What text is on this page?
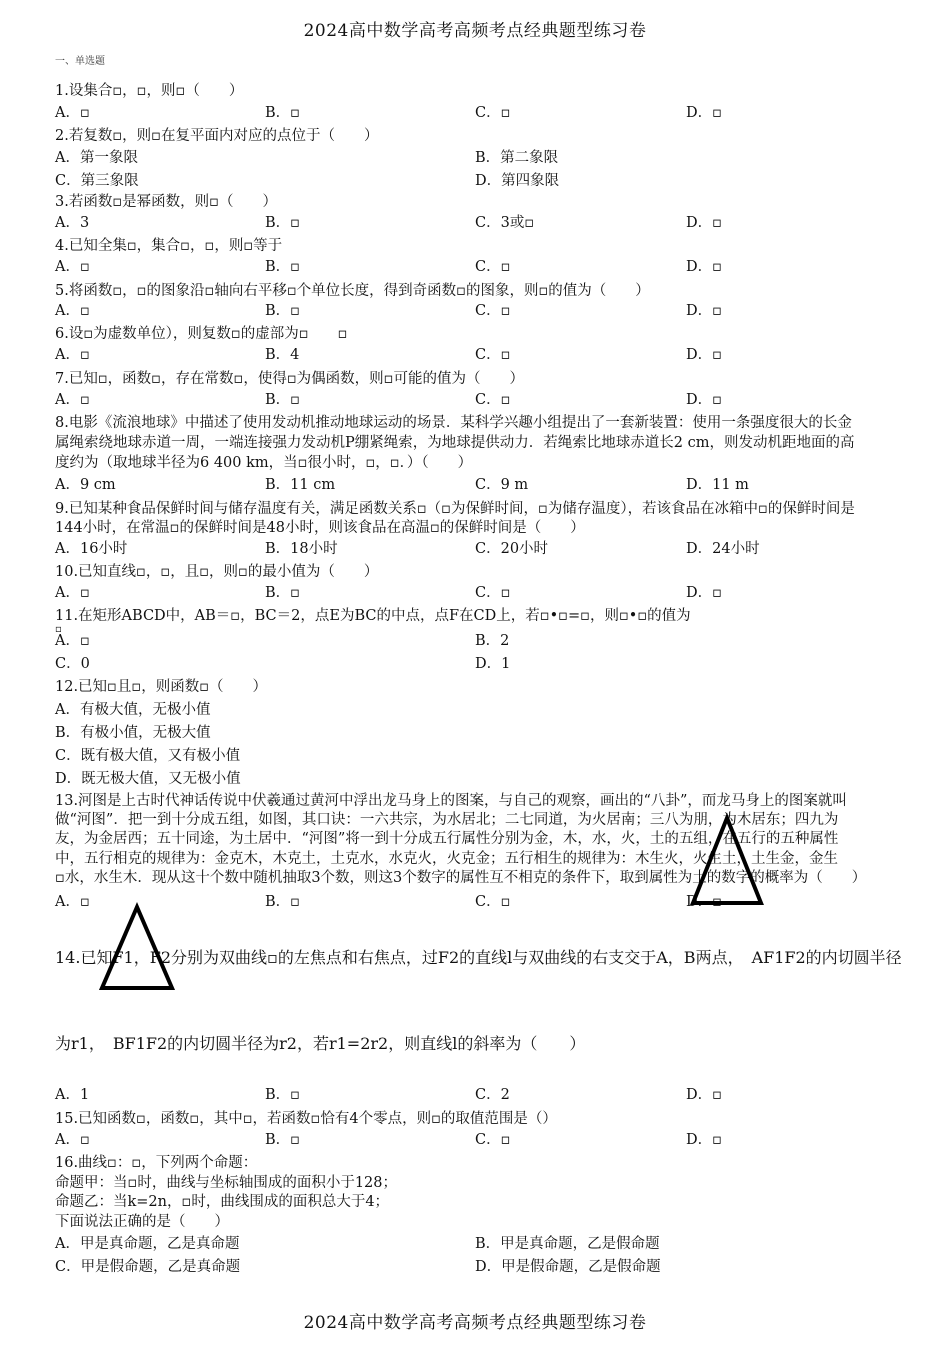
2024高中数学高考高频考点经典题型练习卷
一、单选题
1.设集合▫，▫，则▫（　　）
A．▫	B．▫	C．▫	D．▫
2.若复数▫，则▫在复平面内对应的点位于（　　）
A．第一象限	B．第二象限
C．第三象限	D．第四象限
3.若函数▫是幂函数，则▫（　　）
A．3	B．▫	C．3或▫	D．▫
4.已知全集▫，集合▫，▫，则▫等于
A．▫	B．▫	C．▫	D．▫
5.将函数▫，▫的图象沿▫轴向右平移▫个单位长度，得到奇函数▫的图象，则▫的值为（　　）
A．▫	B．▫	C．▫	D．▫
6.设▫为虚数单位），则复数▫的虚部为▫　　▫
A．▫	B．4	C．▫	D．▫
7.已知▫，函数▫，存在常数▫，使得▫为偶函数，则▫可能的值为（　　）
A．▫	B．▫	C．▫	D．▫
8.电影《流浪地球》中描述了使用发动机推动地球运动的场景．某科学兴趣小组提出了一套新装置：使用一条强度很大的长金
属绳索绕地球赤道一周，一端连接强力发动机P绷紧绳索，为地球提供动力．若绳索比地球赤道长2 cm，则发动机距地面的高
度约为（取地球半径为6 400 km，当▫很小时，▫，▫．）（　　）
A．9 cm	B．11 cm	C．9 m	D．11 m
9.已知某种食品保鲜时间与储存温度有关，满足函数关系▫（▫为保鲜时间，▫为储存温度），若该食品在冰箱中▫的保鲜时间是
144小时，在常温▫的保鲜时间是48小时，则该食品在高温▫的保鲜时间是（　　）
A．16小时	B．18小时	C．20小时	D．24小时
10.已知直线▫，▫，且▫，则▫的最小值为（　　）
A．▫	B．▫	C．▫	D．▫
11.在矩形ABCD中，AB＝▫，BC＝2，点E为BC的中点，点F在CD上，若▫•▫=▫，则▫•▫的值为
▫
A．▫	B．2
C．0	D．1
12.已知▫且▫，则函数▫（　　）
A．有极大值，无极小值
B．有极小值，无极大值
C．既有极大值，又有极小值
D．既无极大值，又无极小值
13.河图是上古时代神话传说中伏羲通过黄河中浮出龙马身上的图案，与自己的观察，画出的“八卦”，而龙马身上的图案就叫
做“河图”．把一到十分成五组，如图，其口诀：一六共宗，为水居北；二七同道，为火居南；三八为朋，为木居东；四九为
友，为金居西；五十同途，为土居中．“河图”将一到十分成五行属性分别为金，木，水，火，土的五组，在五行的五种属性
中，五行相克的规律为：金克木，木克土，土克水，水克火，火克金；五行相生的规律为：木生火，火生土，土生金，金生
▫水，水生木．现从这十个数中随机抽取3个数，则这3个数字的属性互不相克的条件下，取到属性为土的数字的概率为（　　）
A．▫	B．▫	C．▫	D．▫
14.已知F1，F2分别为双曲线▫的左焦点和右焦点，过F2的直线l与双曲线的右支交于A，B两点，　AF1F2的内切圆半径
为r1，　BF1F2的内切圆半径为r2，若r1=2r2，则直线l的斜率为（　　）
A．1	B．▫	C．2	D．▫
15.已知函数▫，函数▫，其中▫，若函数▫恰有4个零点，则▫的取值范围是（）
A．▫	B．▫	C．▫	D．▫
16.曲线▫：▫，下列两个命题：
命题甲：当▫时，曲线与坐标轴围成的面积小于128；
命题乙：当k=2n，▫时，曲线围成的面积总大于4；
下面说法正确的是（　　）
A．甲是真命题，乙是真命题	B．甲是真命题，乙是假命题
C．甲是假命题，乙是真命题	D．甲是假命题，乙是假命题
2024高中数学高考高频考点经典题型练习卷
